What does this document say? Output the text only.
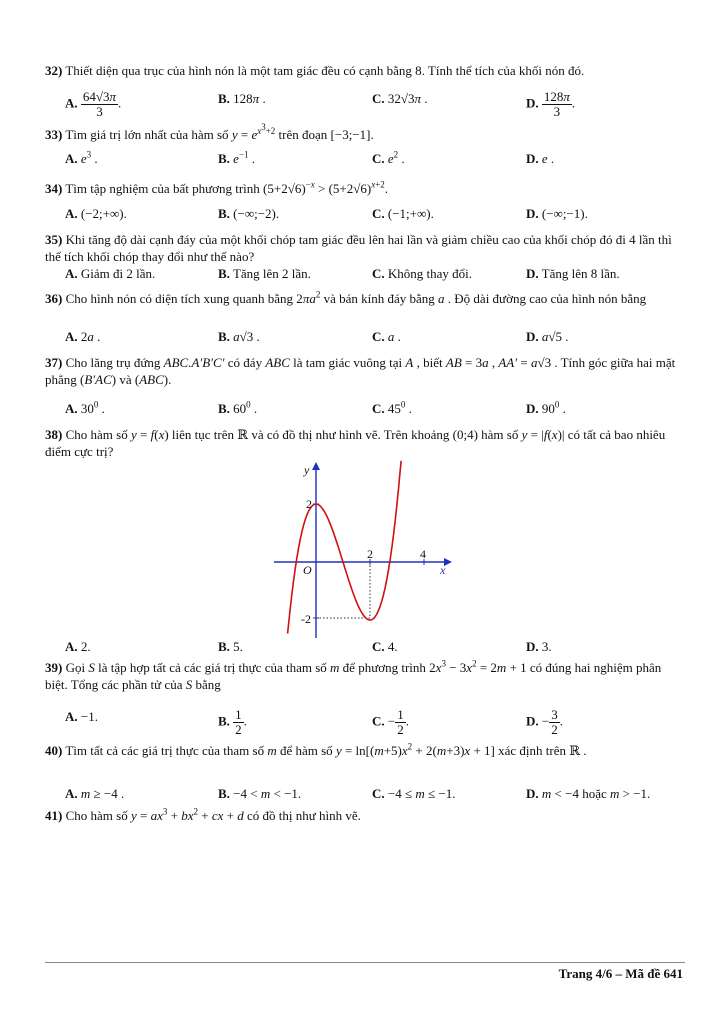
32) Thiết diện qua trục của hình nón là một tam giác đều có cạnh bằng 8. Tính thể tích của khối nón đó.
A. $\frac{64√3\pi}{3}$ .	B. 128π .	C. 32√3π .	D. $\frac{128\pi}{3}$ .
33) Tìm giá trị lớn nhất của hàm số $y = e^{x^3+2}$ trên đoạn [−3;−1].
A. $e^3$ .	B. $e^{-1}$ .	C. $e^2$ .	D. e .
34) Tìm tập nghiệm của bất phương trình $(5+2√6)^{-x} > (5+2√6)^{x+2}$.
A. (−2;+∞).	B. (−∞;−2).	C. (−1;+∞).	D. (−∞;−1).
35) Khi tăng độ dài cạnh đáy của một khối chóp tam giác đều lên hai lần và giảm chiều cao của khối chóp đó đi 4 lần thì thể tích khối chóp thay đổi như thế nào?
A. Giảm đi 2 lần.	B. Tăng lên 2 lần.	C. Không thay đổi.	D. Tăng lên 8 lần.
36) Cho hình nón có diện tích xung quanh bằng $2\pi a^2$ và bán kính đáy bằng a . Độ dài đường cao của hình nón bằng
A. 2a .	B. a√3 .	C. a .	D. a√5 .
37) Cho lăng trụ đứng ABC.A′B′C′ có đáy ABC là tam giác vuông tại A , biết AB = 3a , AA′ = a√3 . Tính góc giữa hai mặt phẳng (B′AC) và (ABC).
A. $30^0$ .	B. $60^0$ .	C. $45^0$ .	D. $90^0$ .
38) Cho hàm số y = f(x) liên tục trên ℝ và có đồ thị như hình vẽ. Trên khoảng (0;4) hàm số y = |f(x)| có tất cả bao nhiêu điểm cực trị?
y
x
O
2
-2
2	4
A. 2.	B. 5.	C. 4.	D. 3.
39) Gọi S là tập hợp tất cả các giá trị thực của tham số m để phương trình $2x^3 - 3x^2 = 2m + 1$ có đúng hai nghiệm phân biệt. Tổng các phần tử của S bằng
A. −1.	B. $\frac{1}{2}$ .	C. − $\frac{1}{2}$ .	D. − $\frac{3}{2}$ .
40) Tìm tất cả các giá trị thực của tham số m để hàm số $y = \ln[(m+5)x^2 + 2(m+3)x + 1]$ xác định trên ℝ .
A. m ≥ −4 .	B. −4 < m < −1.	C. −4 ≤ m ≤ −1.	D. m < −4 hoặc m > −1.
41) Cho hàm số $y = ax^3 + bx^2$ + cx + d có đồ thị như hình vẽ.
Trang 4/6 – Mã đề 641
